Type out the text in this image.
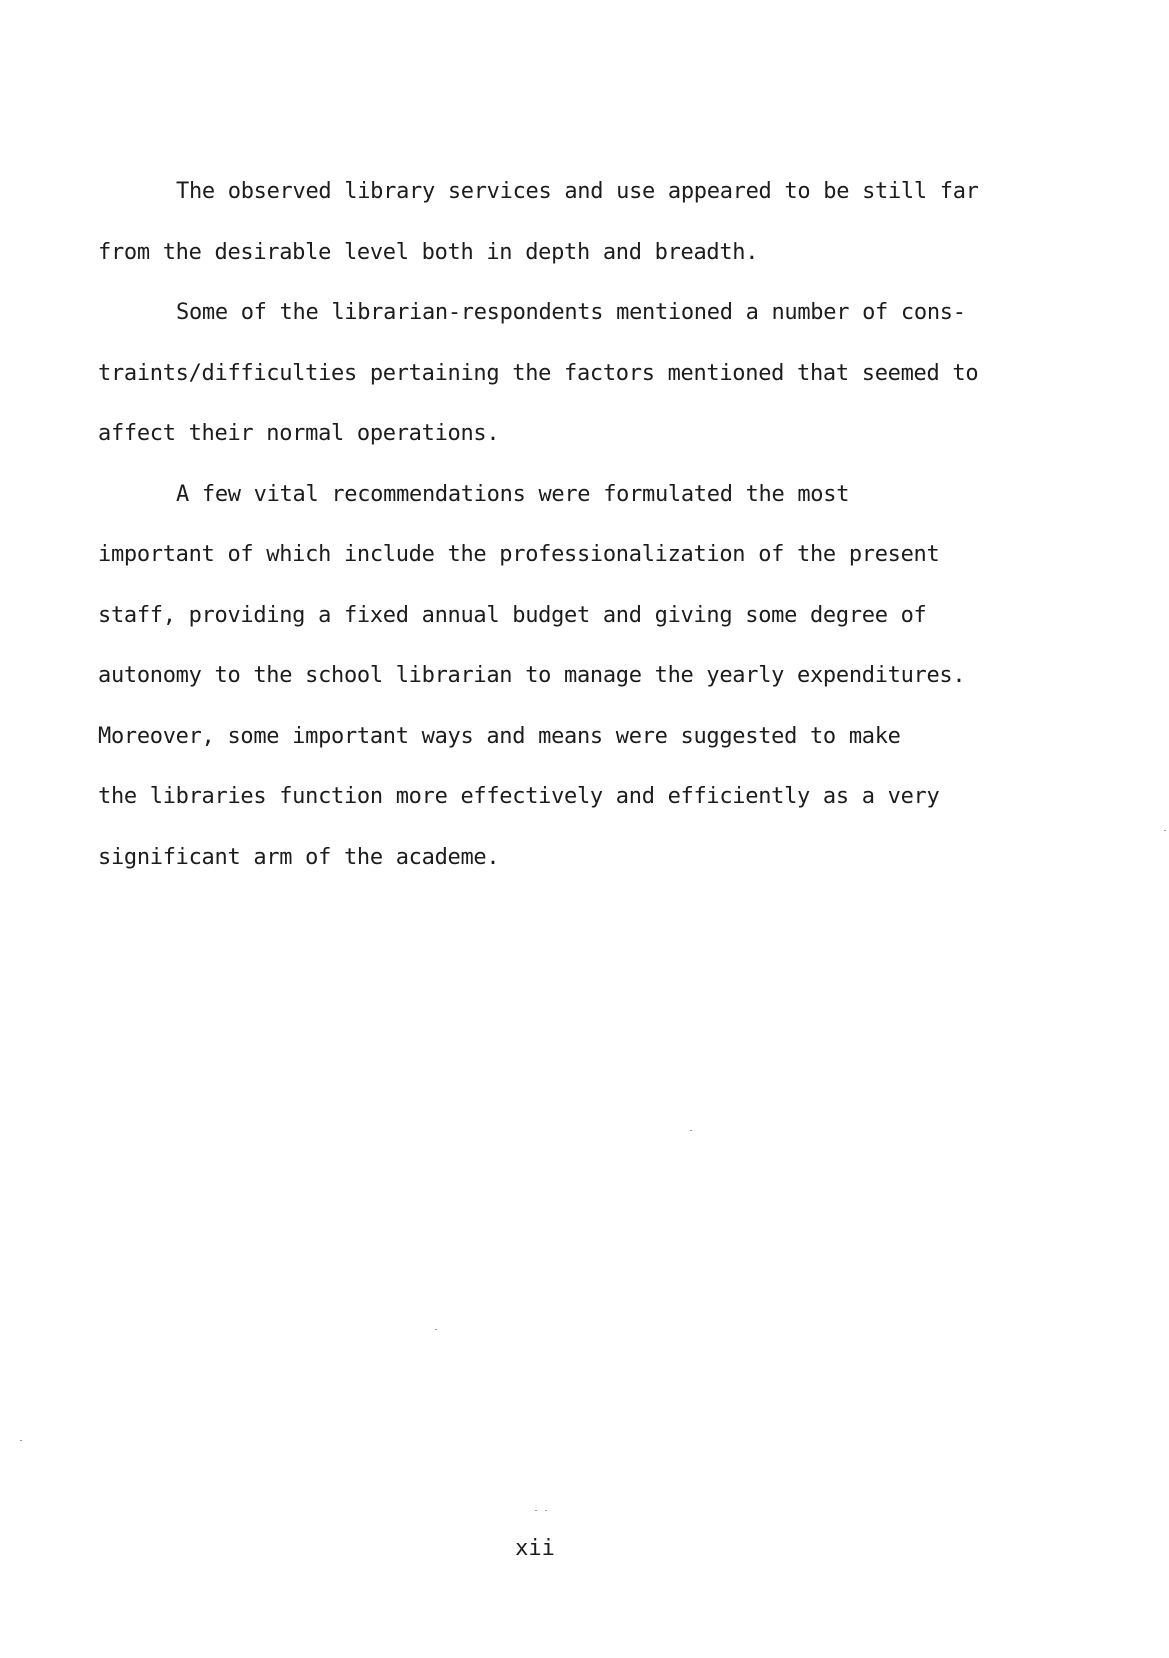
The observed library services and use appeared to be still far
from the desirable level both in depth and breadth.
Some of the librarian-respondents mentioned a number of cons-
traints/difficulties pertaining the factors mentioned that seemed to
affect their normal operations.
A few vital recommendations were formulated the most
important of which include the professionalization of the present
staff, providing a fixed annual budget and giving some degree of
autonomy to the school librarian to manage the yearly expenditures.
Moreover, some important ways and means were suggested to make
the libraries function more effectively and efficiently as a very
significant arm of the academe.
xii
